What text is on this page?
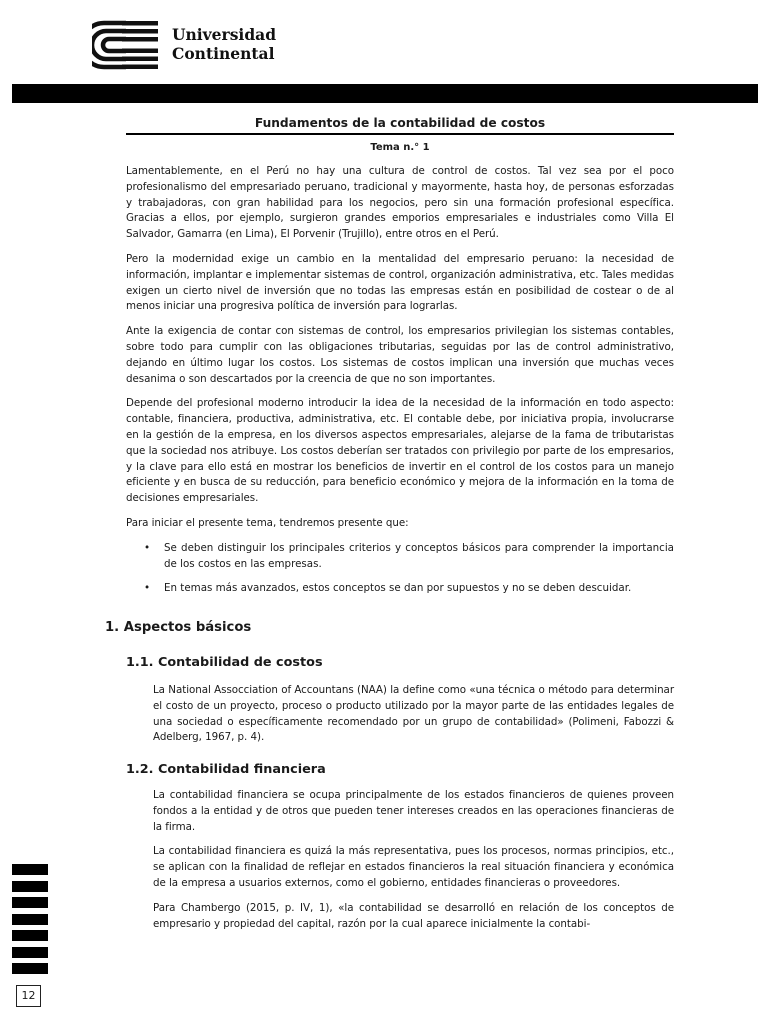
Universidad
Continental
Fundamentos de la contabilidad de costos
Tema n.° 1

Lamentablemente, en el Perú no hay una cultura de control de costos. Tal vez sea por el poco profesionalismo del empresariado peruano, tradicional y mayormente, hasta hoy, de personas esforzadas y trabajadoras, con gran habilidad para los negocios, pero sin una formación profesional específica. Gracias a ellos, por ejemplo, surgieron grandes emporios empresariales e industriales como Villa El Salvador, Gamarra (en Lima), El Porvenir (Trujillo), entre otros en el Perú.

Pero la modernidad exige un cambio en la mentalidad del empresario peruano: la necesidad de información, implantar e implementar sistemas de control, organización administrativa, etc. Tales medidas exigen un cierto nivel de inversión que no todas las empresas están en posibilidad de costear o de al menos iniciar una progresiva política de inversión para lograrlas.

Ante la exigencia de contar con sistemas de control, los empresarios privilegian los sistemas contables, sobre todo para cumplir con las obligaciones tributarias, seguidas por las de control administrativo, dejando en último lugar los costos. Los sistemas de costos implican una inversión que muchas veces desanima o son descartados por la creencia de que no son importantes.

Depende del profesional moderno introducir la idea de la necesidad de la información en todo aspecto: contable, financiera, productiva, administrativa, etc. El contable debe, por iniciativa propia, involucrarse en la gestión de la empresa, en los diversos aspectos empresariales, alejarse de la fama de tributaristas que la sociedad nos atribuye. Los costos deberían ser tratados con privilegio por parte de los empresarios, y la clave para ello está en mostrar los beneficios de invertir en el control de los costos para un manejo eficiente y en busca de su reducción, para beneficio económico y mejora de la información en la toma de decisiones empresariales.

Para iniciar el presente tema, tendremos presente que:

• Se deben distinguir los principales criterios y conceptos básicos para comprender la importancia de los costos en las empresas.
• En temas más avanzados, estos conceptos se dan por supuestos y no se deben descuidar.
1. Aspectos básicos
1.1. Contabilidad de costos

La National Assocciation of Accountans (NAA) la define como «una técnica o método para determinar el costo de un proyecto, proceso o producto utilizado por la mayor parte de las entidades legales de una sociedad o específicamente recomendado por un grupo de contabilidad» (Polimeni, Fabozzi & Adelberg, 1967, p. 4).

1.2. Contabilidad financiera

La contabilidad financiera se ocupa principalmente de los estados financieros de quienes proveen fondos a la entidad y de otros que pueden tener intereses creados en las operaciones financieras de la firma.

La contabilidad financiera es quizá la más representativa, pues los procesos, normas principios, etc., se aplican con la finalidad de reflejar en estados financieros la real situación financiera y económica de la empresa a usuarios externos, como el gobierno, entidades financieras o proveedores.

Para Chambergo (2015, p. IV, 1), «la contabilidad se desarrolló en relación de los conceptos de empresario y propiedad del capital, razón por la cual aparece inicialmente la contabi-

12
